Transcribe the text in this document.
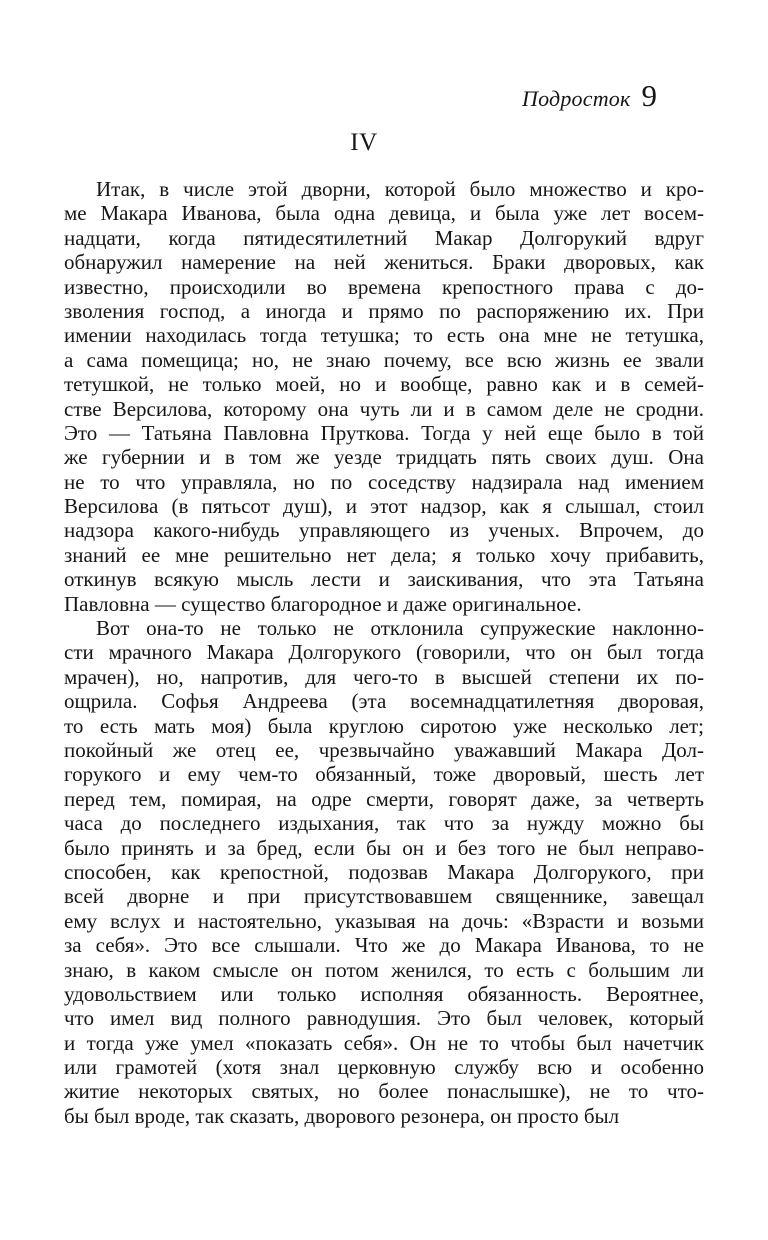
Подросток 9
IV
Итак, в числе этой дворни, которой было множество и кро-
ме Макара Иванова, была одна девица, и была уже лет восем-
надцати, когда пятидесятилетний Макар Долгорукий вдруг
обнаружил намерение на ней жениться. Браки дворовых, как
известно, происходили во времена крепостного права с до-
зволения господ, а иногда и прямо по распоряжению их. При
имении находилась тогда тетушка; то есть она мне не тетушка,
а сама помещица; но, не знаю почему, все всю жизнь ее звали
тетушкой, не только моей, но и вообще, равно как и в семей-
стве Версилова, которому она чуть ли и в самом деле не сродни.
Это — Татьяна Павловна Пруткова. Тогда у ней еще было в той
же губернии и в том же уезде тридцать пять своих душ. Она
не то что управляла, но по соседству надзирала над имением
Версилова (в пятьсот душ), и этот надзор, как я слышал, стоил
надзора какого-нибудь управляющего из ученых. Впрочем, до
знаний ее мне решительно нет дела; я только хочу прибавить,
откинув всякую мысль лести и заискивания, что эта Татьяна
Павловна — существо благородное и даже оригинальное.
Вот она-то не только не отклонила супружеские наклонно-
сти мрачного Макара Долгорукого (говорили, что он был тогда
мрачен), но, напротив, для чего-то в высшей степени их по-
ощрила. Софья Андреева (эта восемнадцатилетняя дворовая,
то есть мать моя) была круглою сиротою уже несколько лет;
покойный же отец ее, чрезвычайно уважавший Макара Дол-
горукого и ему чем-то обязанный, тоже дворовый, шесть лет
перед тем, помирая, на одре смерти, говорят даже, за четверть
часа до последнего издыхания, так что за нужду можно бы
было принять и за бред, если бы он и без того не был неправо-
способен, как крепостной, подозвав Макара Долгорукого, при
всей дворне и при присутствовавшем священнике, завещал
ему вслух и настоятельно, указывая на дочь: «Взрасти и возьми
за себя». Это все слышали. Что же до Макара Иванова, то не
знаю, в каком смысле он потом женился, то есть с большим ли
удовольствием или только исполняя обязанность. Вероятнее,
что имел вид полного равнодушия. Это был человек, который
и тогда уже умел «показать себя». Он не то чтобы был начетчик
или грамотей (хотя знал церковную службу всю и особенно
житие некоторых святых, но более понаслышке), не то что-
бы был вроде, так сказать, дворового резонера, он просто был
